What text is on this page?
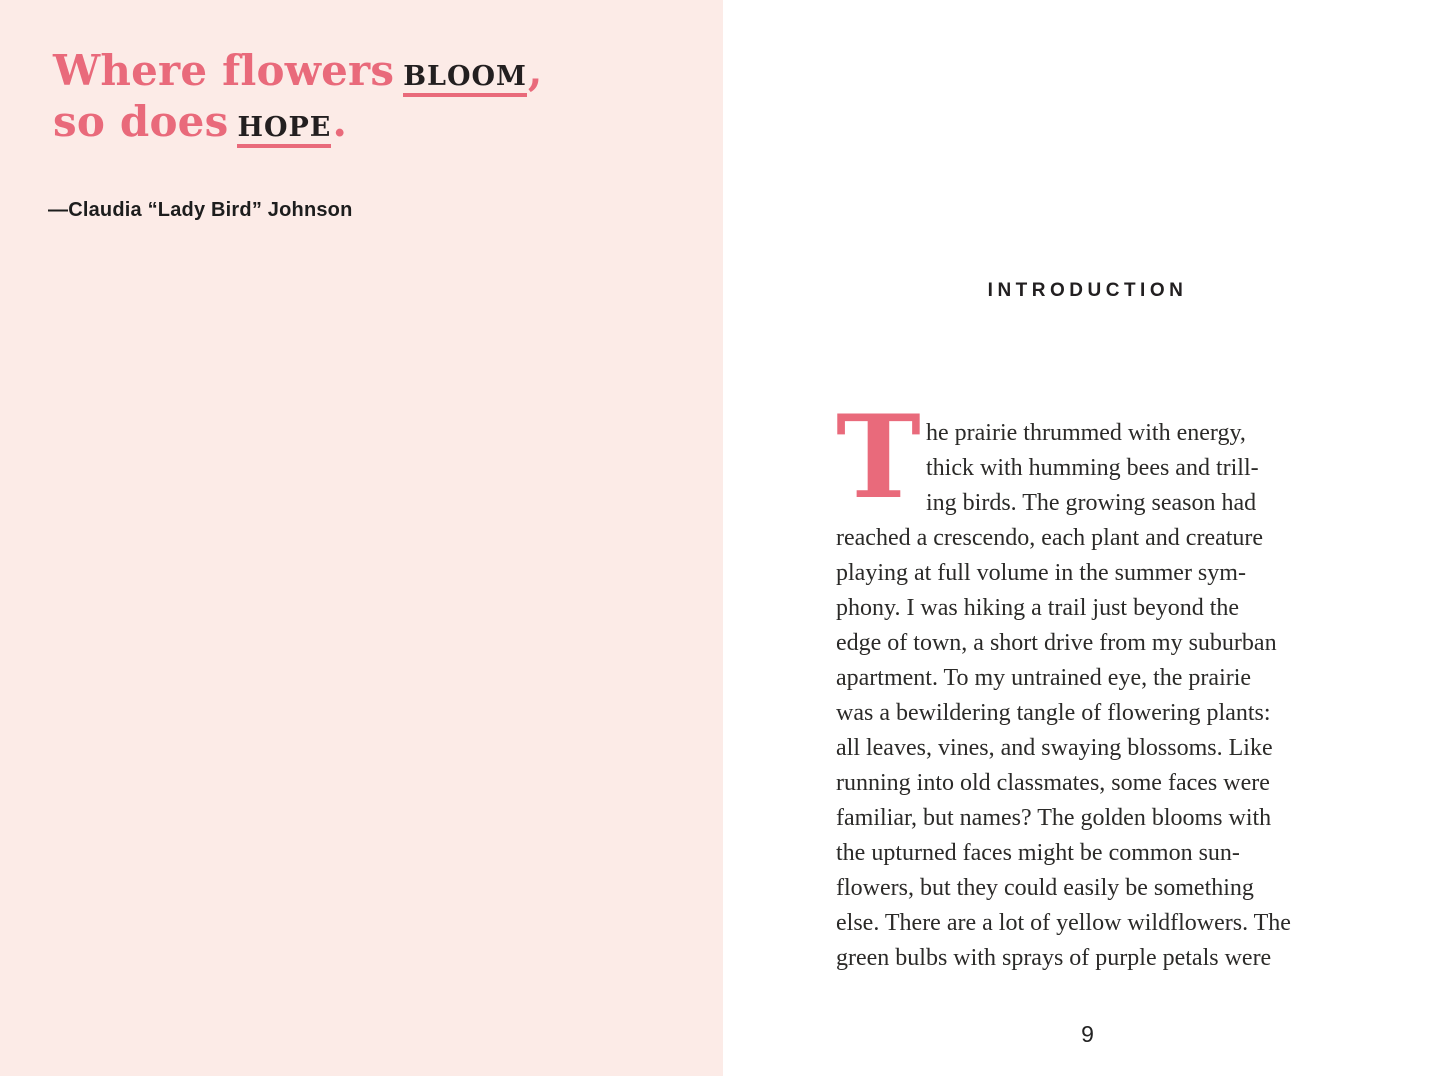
Where flowers BLOOM,
so does HOPE.
—Claudia “Lady Bird” Johnson
INTRODUCTION
T he prairie thrummed with energy,
thick with humming bees and trill-
ing birds. The growing season had
reached a crescendo, each plant and creature
playing at full volume in the summer sym-
phony. I was hiking a trail just beyond the
edge of town, a short drive from my suburban
apartment. To my untrained eye, the prairie
was a bewildering tangle of flowering plants:
all leaves, vines, and swaying blossoms. Like
running into old classmates, some faces were
familiar, but names? The golden blooms with
the upturned faces might be common sun-
flowers, but they could easily be something
else. There are a lot of yellow wildflowers. The
green bulbs with sprays of purple petals were
9
